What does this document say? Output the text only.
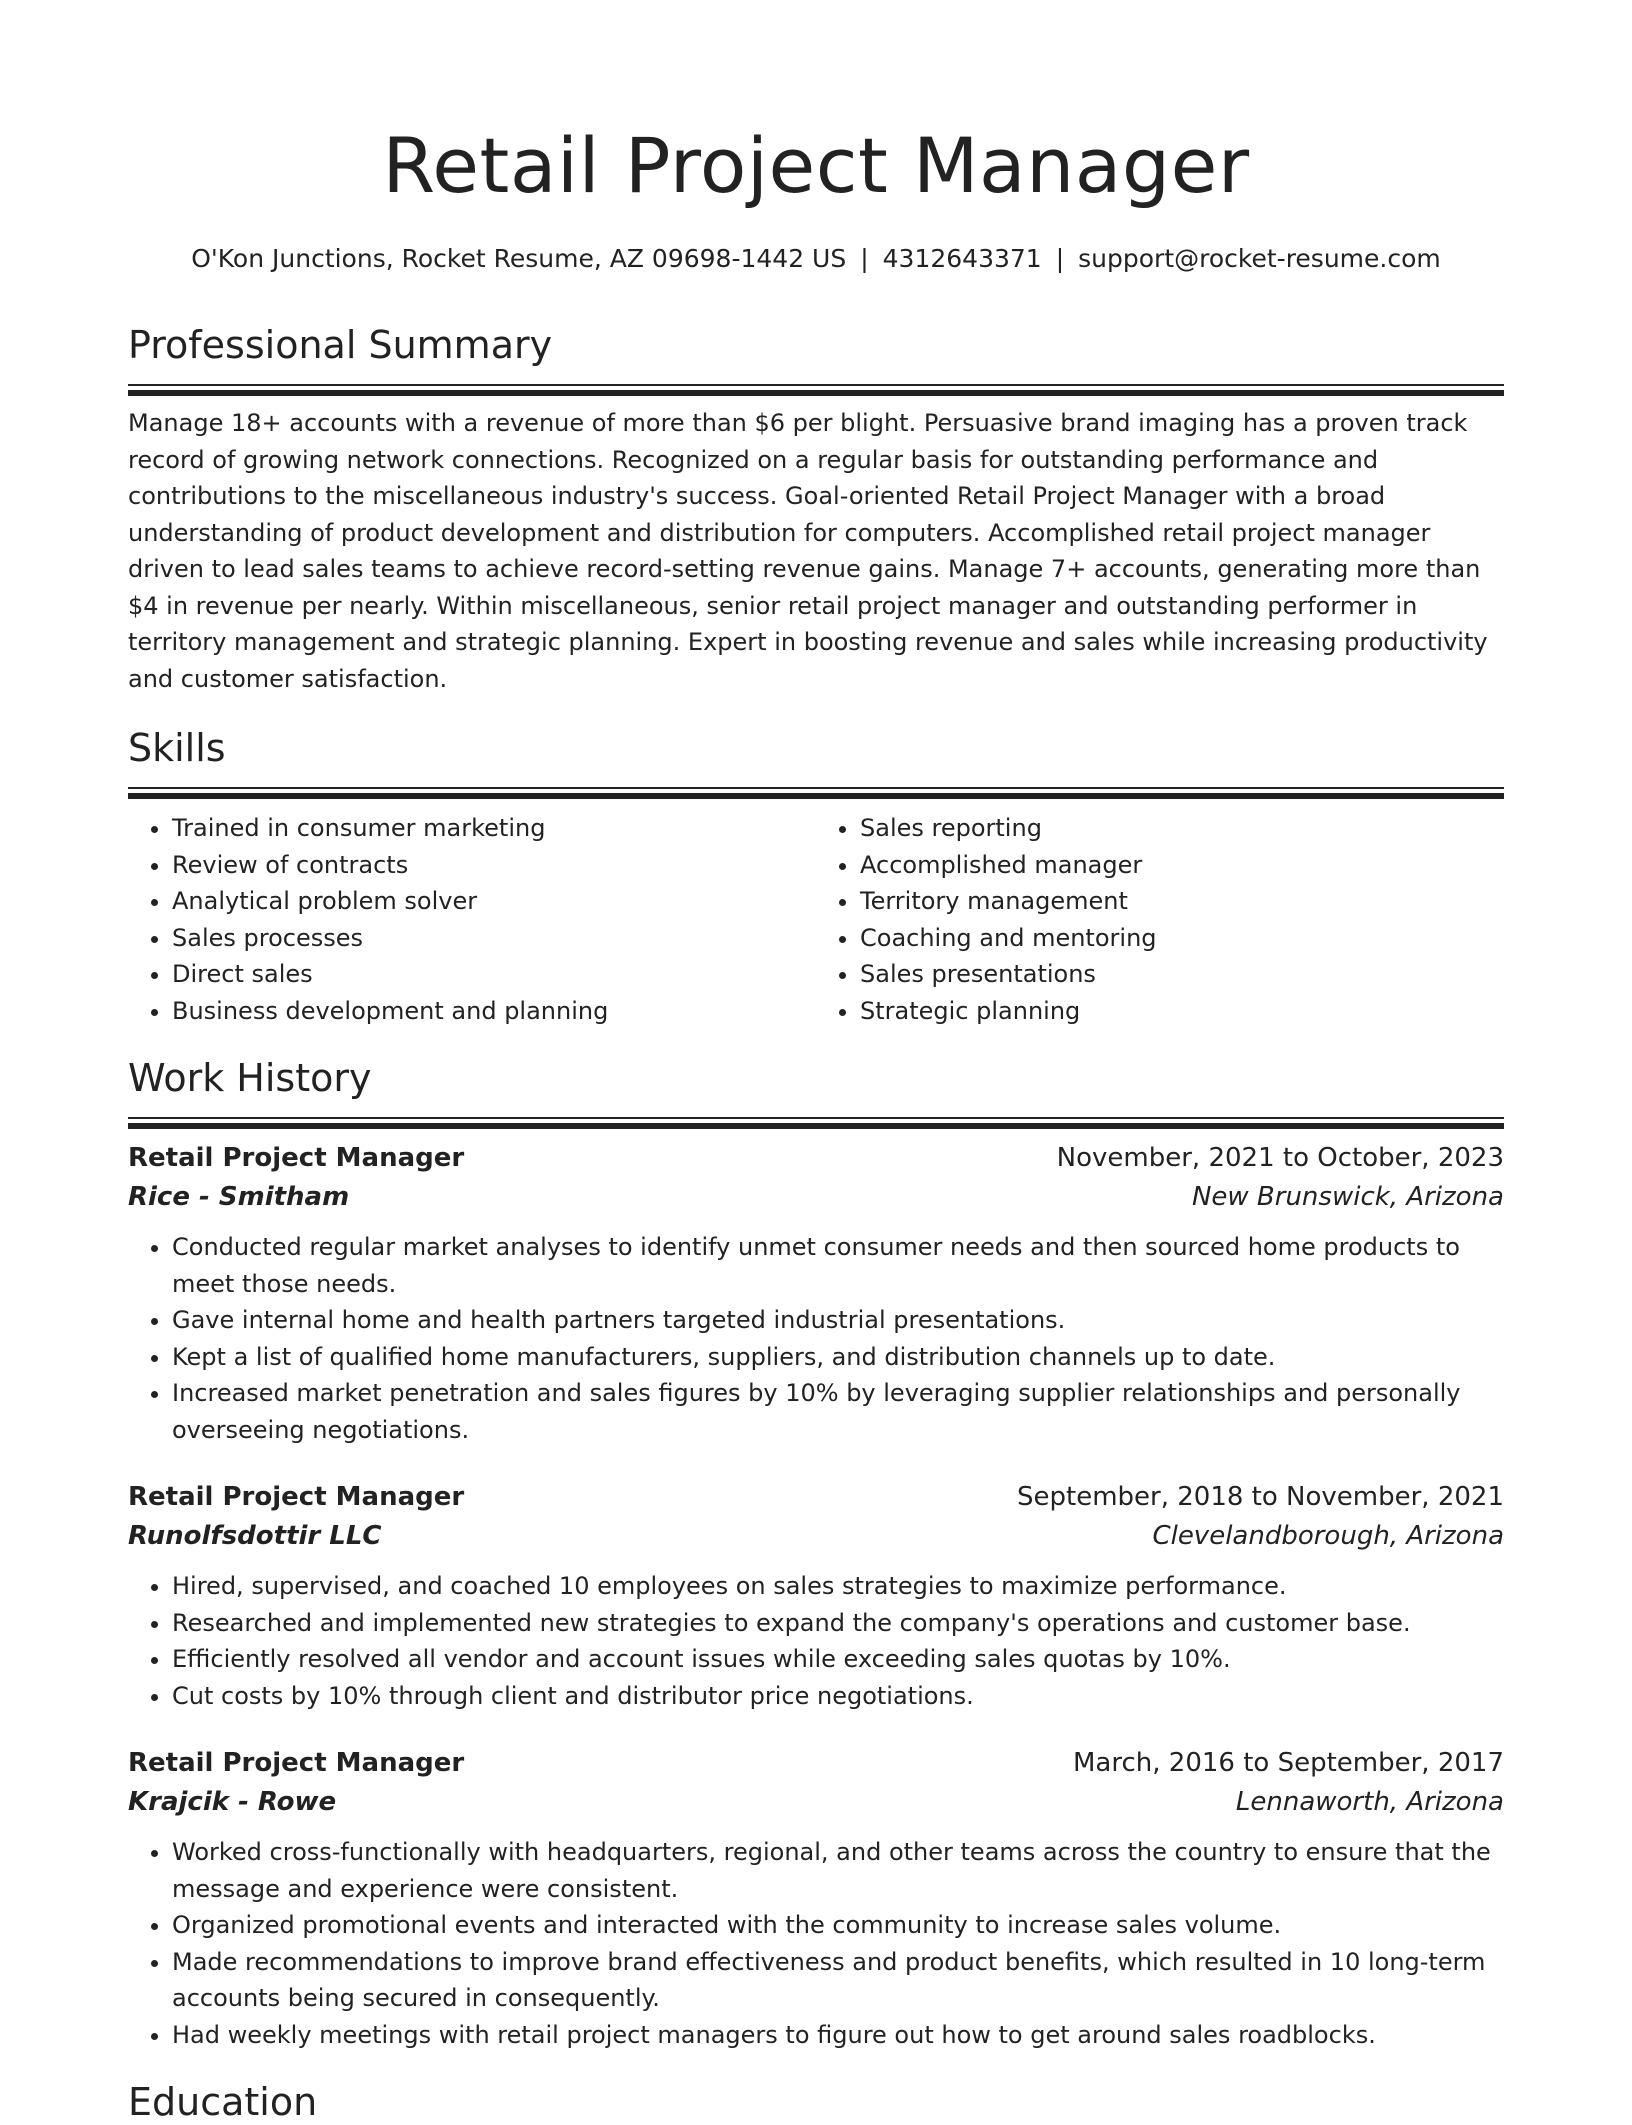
Retail Project Manager
O'Kon Junctions, Rocket Resume, AZ 09698-1442 US | 4312643371 | support@rocket-resume.com
Professional Summary
Manage 18+ accounts with a revenue of more than $6 per blight. Persuasive brand imaging has a proven track record of growing network connections. Recognized on a regular basis for outstanding performance and contributions to the miscellaneous industry's success. Goal-oriented Retail Project Manager with a broad understanding of product development and distribution for computers. Accomplished retail project manager driven to lead sales teams to achieve record-setting revenue gains. Manage 7+ accounts, generating more than $4 in revenue per nearly. Within miscellaneous, senior retail project manager and outstanding performer in territory management and strategic planning. Expert in boosting revenue and sales while increasing productivity and customer satisfaction.
Skills
• Trained in consumer marketing
• Review of contracts
• Analytical problem solver
• Sales processes
• Direct sales
• Business development and planning
• Sales reporting
• Accomplished manager
• Territory management
• Coaching and mentoring
• Sales presentations
• Strategic planning
Work History
Retail Project Manager	November, 2021 to October, 2023
Rice - Smitham	New Brunswick, Arizona
• Conducted regular market analyses to identify unmet consumer needs and then sourced home products to meet those needs.
• Gave internal home and health partners targeted industrial presentations.
• Kept a list of qualified home manufacturers, suppliers, and distribution channels up to date.
• Increased market penetration and sales figures by 10% by leveraging supplier relationships and personally overseeing negotiations.
Retail Project Manager	September, 2018 to November, 2021
Runolfsdottir LLC	Clevelandborough, Arizona
• Hired, supervised, and coached 10 employees on sales strategies to maximize performance.
• Researched and implemented new strategies to expand the company's operations and customer base.
• Efficiently resolved all vendor and account issues while exceeding sales quotas by 10%.
• Cut costs by 10% through client and distributor price negotiations.
Retail Project Manager	March, 2016 to September, 2017
Krajcik - Rowe	Lennaworth, Arizona
• Worked cross-functionally with headquarters, regional, and other teams across the country to ensure that the message and experience were consistent.
• Organized promotional events and interacted with the community to increase sales volume.
• Made recommendations to improve brand effectiveness and product benefits, which resulted in 10 long-term accounts being secured in consequently.
• Had weekly meetings with retail project managers to figure out how to get around sales roadblocks.
Education
